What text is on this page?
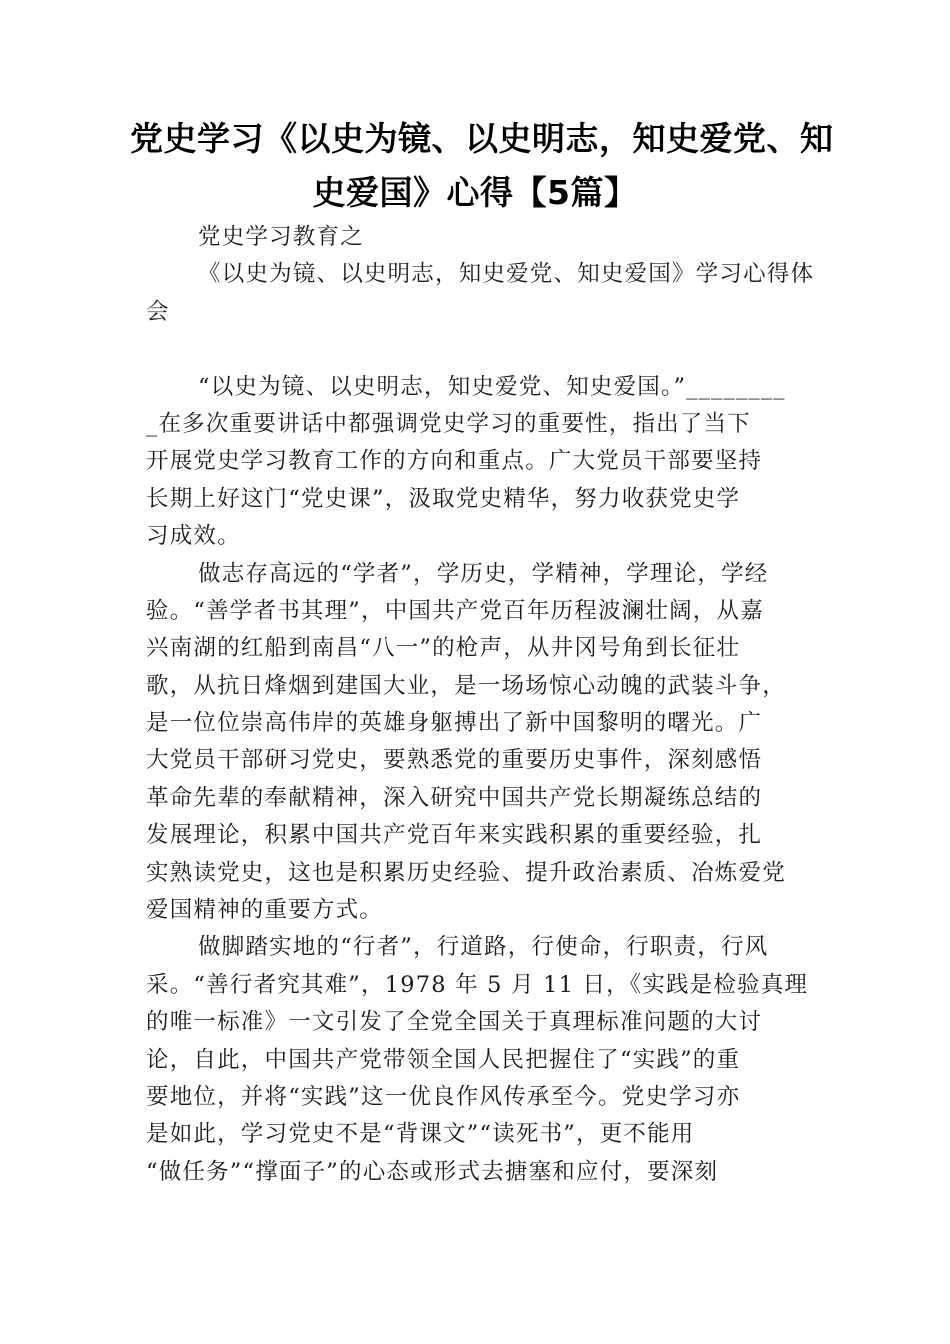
党史学习《以史为镜、以史明志，知史爱党、知
史爱国》心得【5篇】
党史学习教育之
《以史为镜、以史明志，知史爱党、知史爱国》学习心得体
会
“以史为镜、以史明志，知史爱党、知史爱国。”________
_在多次重要讲话中都强调党史学习的重要性，指出了当下
开展党史学习教育工作的方向和重点。广大党员干部要坚持
长期上好这门“党史课”，汲取党史精华，努力收获党史学
习成效。
做志存高远的“学者”，学历史，学精神，学理论，学经
验。“善学者书其理”，中国共产党百年历程波澜壮阔，从嘉
兴南湖的红船到南昌“八一”的枪声，从井冈号角到长征壮
歌，从抗日烽烟到建国大业，是一场场惊心动魄的武装斗争，
是一位位崇高伟岸的英雄身躯搏出了新中国黎明的曙光。广
大党员干部研习党史，要熟悉党的重要历史事件，深刻感悟
革命先辈的奉献精神，深入研究中国共产党长期凝练总结的
发展理论，积累中国共产党百年来实践积累的重要经验，扎
实熟读党史，这也是积累历史经验、提升政治素质、冶炼爱党
爱国精神的重要方式。
做脚踏实地的“行者”，行道路，行使命，行职责，行风
采。“善行者究其难”，1978 年 5 月 11 日，《实践是检验真理
的唯一标准》一文引发了全党全国关于真理标准问题的大讨
论，自此，中国共产党带领全国人民把握住了“实践”的重
要地位，并将“实践”这一优良作风传承至今。党史学习亦
是如此，学习党史不是“背课文”“读死书”，更不能用
“做任务”“撑面子”的心态或形式去搪塞和应付，要深刻
